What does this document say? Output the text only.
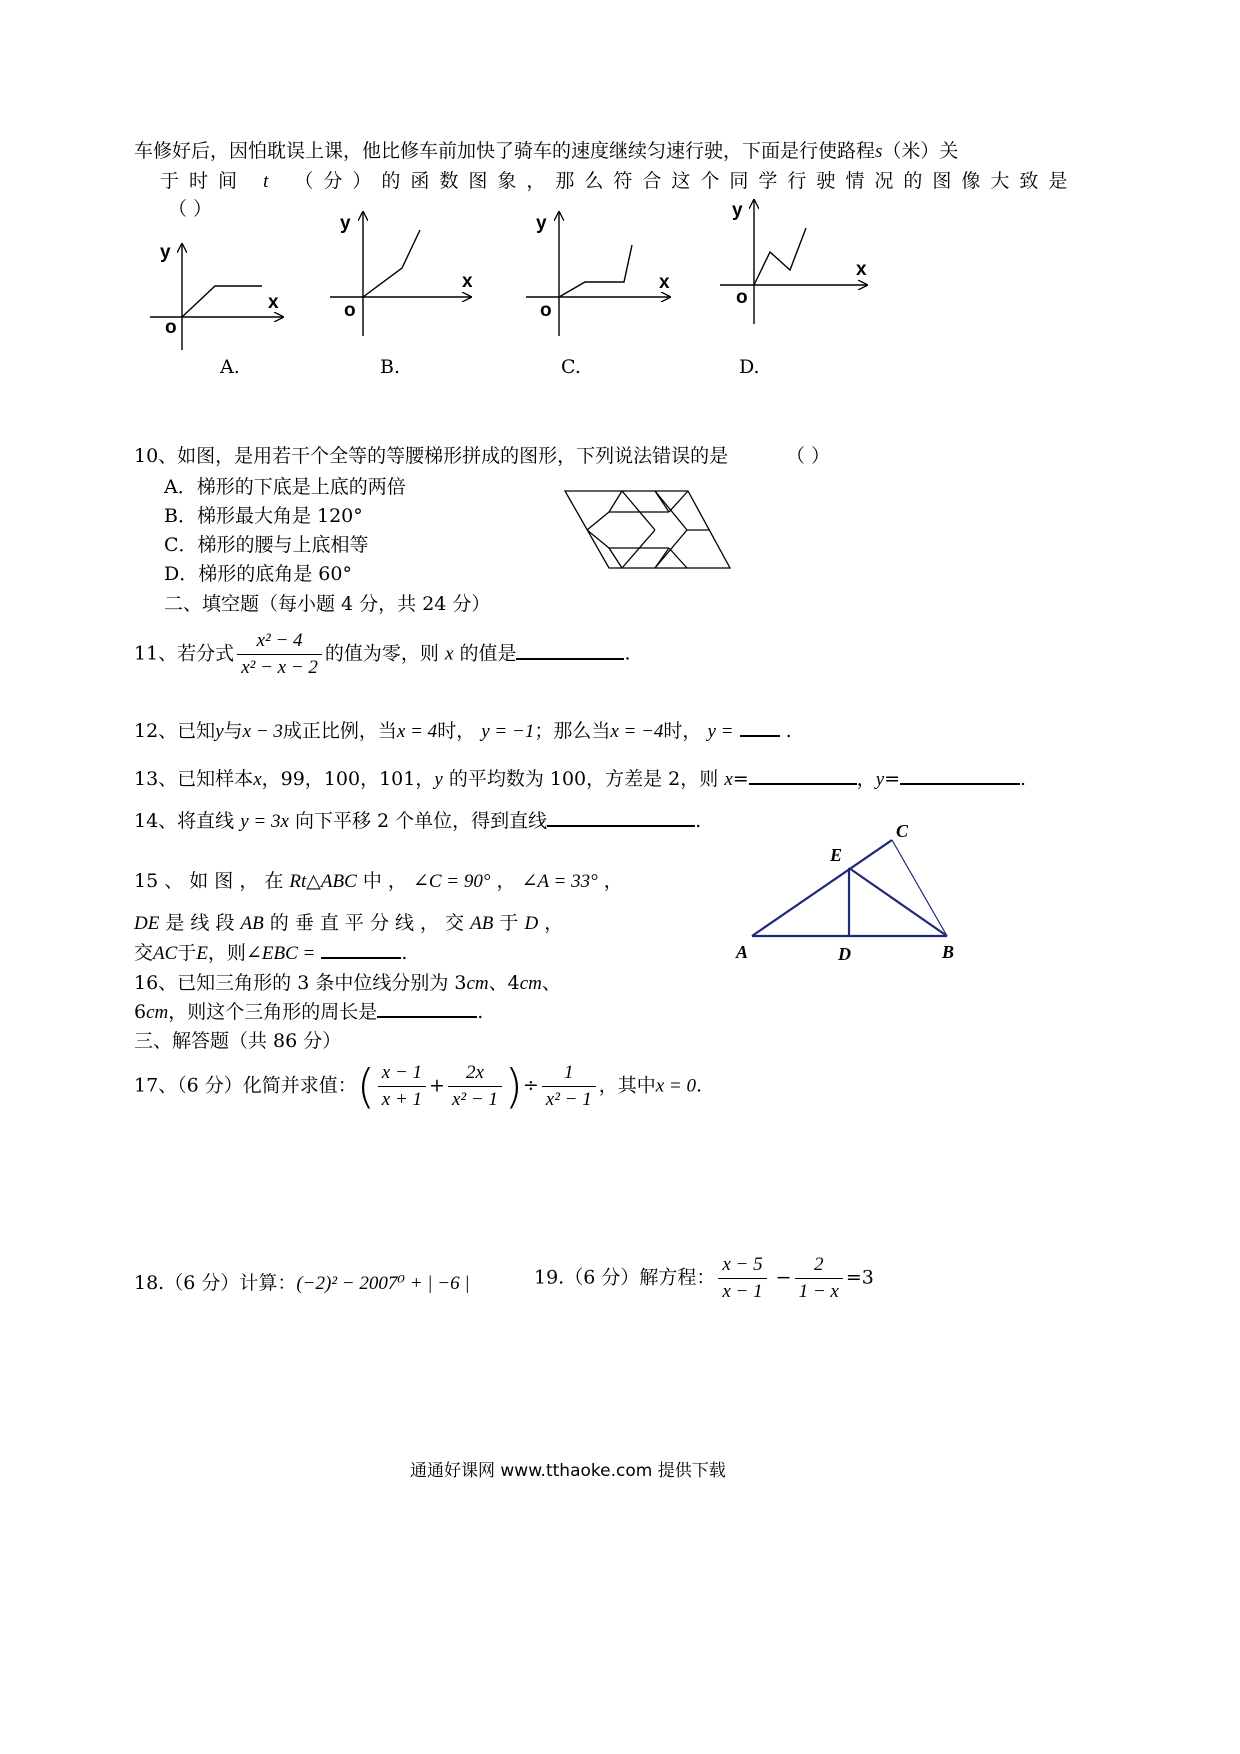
车修好后，因怕耽误上课，他比修车前加快了骑车的速度继续匀速行驶，下面是行使路程s（米）关
于时间 t （分）的函数图象，那么符合这个同学行驶情况的图像大致是
（ ）
y
x
o
y
x
o
y
x
o
y
x
o
A.	B.	C.	D.
10、如图，是用若干个全等的等腰梯形拼成的图形，下列说法错误的是	（ ）
A．梯形的下底是上底的两倍
B．梯形最大角是 120°
C．梯形的腰与上底相等
D．梯形的底角是 60°
二、填空题（每小题 4 分，共 24 分）
11、若分式 $\frac{\text{x² − 4}}{\text{x² − x − 2}}$ 的值为零，则 x 的值是	.
12、已知y与x − 3成正比例，当x = 4时， y = −1；那么当x = −4时， y =	.
13、已知样本x，99，100，101，y 的平均数为 100，方差是 2，则 x=	，y=	.
14、将直线 y = 3x 向下平移 2 个单位，得到直线	.
15 、 如 图 ， 在 Rt△ABC 中 ， ∠C = 90° ， ∠A = 33° ，
DE 是 线 段 AB 的 垂 直 平 分 线 ， 交 AB 于 D ，
交AC于E，则∠EBC =	.	A	D	B
E
C
16、已知三角形的 3 条中位线分别为 3cm、4cm、
6cm，则这个三角形的周长是	.
三、解答题（共 86 分）
17、（6 分）化简并求值：( $\frac{x - 1}{x + 1} + \frac{2x}{\text{x² − 1}}$ )÷ $\frac{1}{\text{x² − 1}}$ ，其中x = 0.
18.（6 分）计算：(−2)² − 2007⁰ + | −6 |	19.（6 分）解方程： $\frac{x - 5}{x - 1} - \frac{2}{1 - x} =3$
通通好课网 www.tthaoke.com 提供下载
